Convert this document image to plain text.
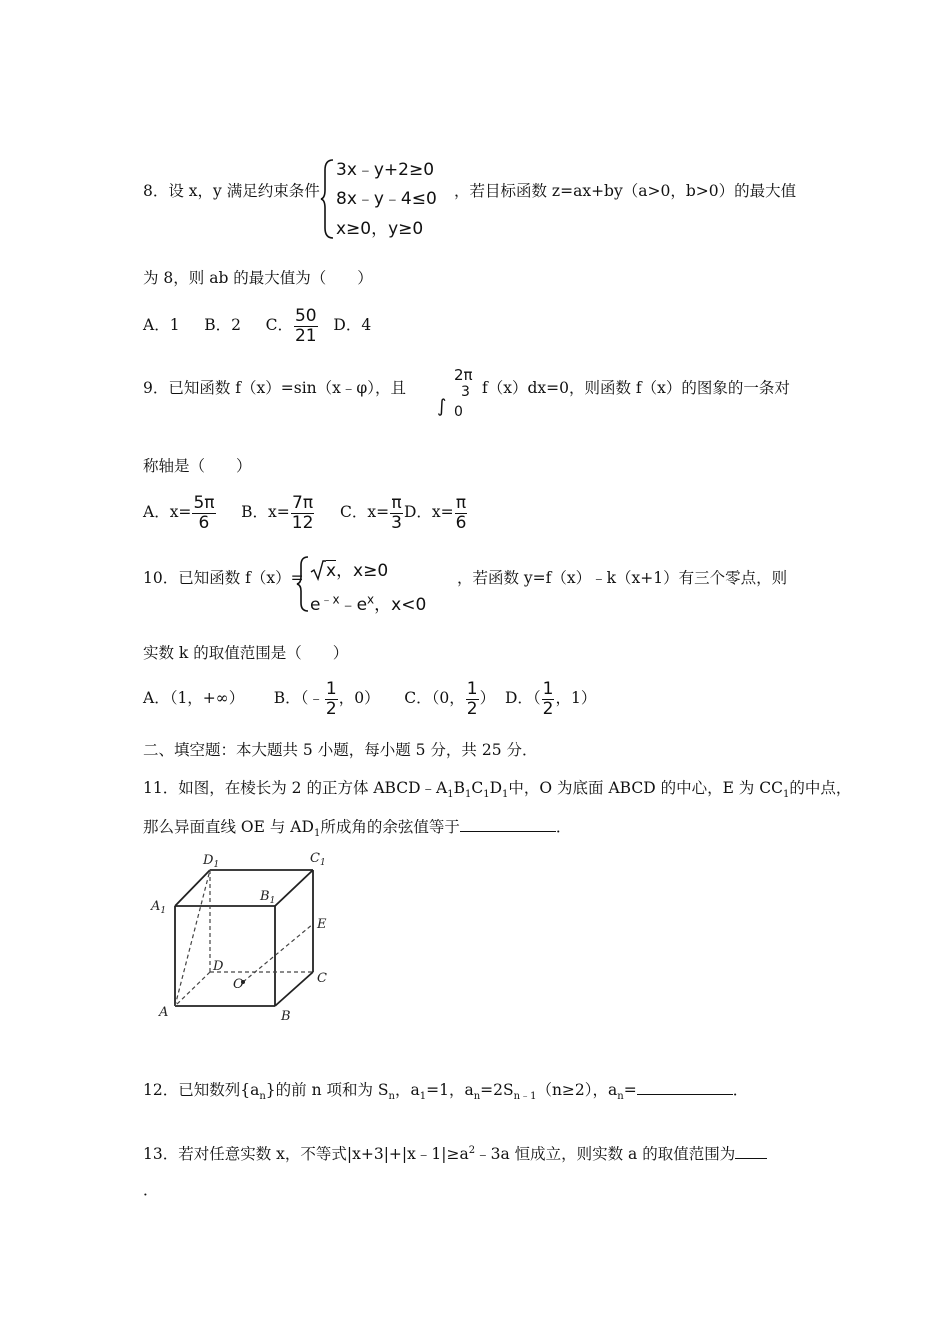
8．设 x，y 满足约束条件
3x﹣y+2≥0
8x﹣y﹣4≤0
x≥0，y≥0
，若目标函数 z=ax+by（a>0，b>0）的最大值
为 8，则 ab 的最大值为（　　）
A．1 B．2 C． $\frac{50}{21}$ D．4
9．已知函数 f（x）=sin（x﹣φ），且
2π
3
∫ 0
f（x）dx=0，则函数 f（x）的图象的一条对
称轴是（　　）
A．$x= \frac{5\pi}{6}$ B．$x= \frac{7\pi}{12}$ C．$x= \frac{\pi}{3}$ D．$x= \frac{\pi}{6}$
10．已知函数 f（x）=	x，x≥0
$e^{﹣x}﹣e^x$，x<0
，若函数 y=f（x）﹣k（x+1）有三个零点，则
实数 k 的取值范围是（　　）
A．（1，+∞） B．（﹣ $\frac{1}{2}$ ，0） C．（0， $\frac{1}{2}$ ） D．（ $\frac{1}{2}$ ，1）
二、填空题：本大题共 5 小题，每小题 5 分，共 25 分．
11．如图，在棱长为 2 的正方体 $ABCD﹣A_1B_1C_1D_1$中，O 为底面 ABCD 的中心，E 为 $CC_1$的中点，
那么异面直线 OE 与 $AD_1$所成角的余弦值等于	．
$D_1$	$C_1$
$A_1$
$B_1$
E
D
O	C
A	B
12．已知数列$\{a_n\}$的前 n 项和为 $S_n$，$a_1=1$，$a_n=2S_{n﹣1}(n\ge 2)$，$a_n=$	．
13．若对任意实数 x，不等式$|x+3|+|x﹣1|\ge a^2﹣3a$ 恒成立，则实数 a 的取值范围为
．
